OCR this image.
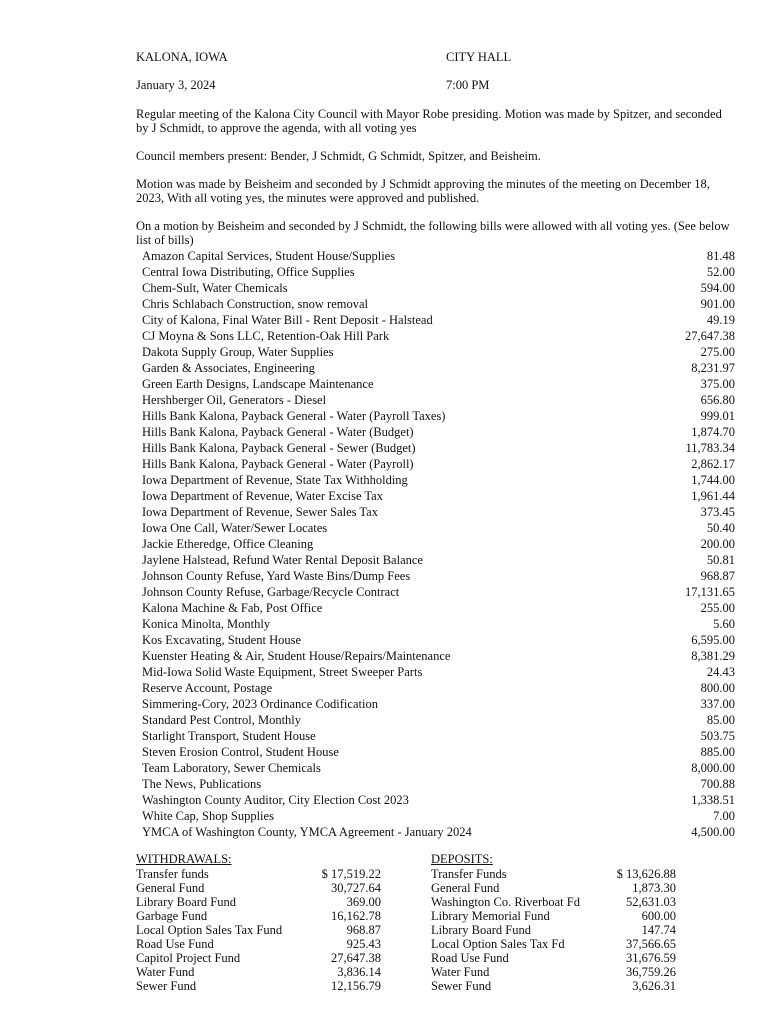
KALONA, IOWA	CITY HALL
January 3, 2024	7:00 PM
Regular meeting of the Kalona City Council with Mayor Robe presiding. Motion was made by Spitzer, and seconded by J Schmidt, to approve the agenda, with all voting yes
Council members present: Bender, J Schmidt, G Schmidt, Spitzer, and Beisheim.
Motion was made by Beisheim and seconded by J Schmidt approving the minutes of the meeting on December 18, 2023, With all voting yes, the minutes were approved and published.
On a motion by Beisheim and seconded by J Schmidt, the following bills were allowed with all voting yes. (See below list of bills)
Amazon Capital Services, Student House/Supplies	81.48
Central Iowa Distributing, Office Supplies	52.00
Chem-Sult, Water Chemicals	594.00
Chris Schlabach Construction, snow removal	901.00
City of Kalona, Final Water Bill - Rent Deposit - Halstead	49.19
CJ Moyna & Sons LLC, Retention-Oak Hill Park	27,647.38
Dakota Supply Group, Water Supplies	275.00
Garden & Associates, Engineering	8,231.97
Green Earth Designs, Landscape Maintenance	375.00
Hershberger Oil, Generators - Diesel	656.80
Hills Bank Kalona, Payback General - Water (Payroll Taxes)	999.01
Hills Bank Kalona, Payback General - Water (Budget)	1,874.70
Hills Bank Kalona, Payback General - Sewer (Budget)	11,783.34
Hills Bank Kalona, Payback General - Water (Payroll)	2,862.17
Iowa Department of Revenue, State Tax Withholding	1,744.00
Iowa Department of Revenue, Water Excise Tax	1,961.44
Iowa Department of Revenue, Sewer Sales Tax	373.45
Iowa One Call, Water/Sewer Locates	50.40
Jackie Etheredge, Office Cleaning	200.00
Jaylene Halstead, Refund Water Rental Deposit Balance	50.81
Johnson County Refuse, Yard Waste Bins/Dump Fees	968.87
Johnson County Refuse, Garbage/Recycle Contract	17,131.65
Kalona Machine & Fab, Post Office	255.00
Konica Minolta, Monthly	5.60
Kos Excavating, Student House	6,595.00
Kuenster Heating & Air, Student House/Repairs/Maintenance	8,381.29
Mid-Iowa Solid Waste Equipment, Street Sweeper Parts	24.43
Reserve Account, Postage	800.00
Simmering-Cory, 2023 Ordinance Codification	337.00
Standard Pest Control, Monthly	85.00
Starlight Transport, Student House	503.75
Steven Erosion Control, Student House	885.00
Team Laboratory, Sewer Chemicals	8,000.00
The News, Publications	700.88
Washington County Auditor, City Election Cost 2023	1,338.51
White Cap, Shop Supplies	7.00
YMCA of Washington County, YMCA Agreement - January 2024	4,500.00
WITHDRAWALS:
Transfer funds	$ 17,519.22
General Fund	30,727.64
Library Board Fund	369.00
Garbage Fund	16,162.78
Local Option Sales Tax Fund	968.87
Road Use Fund	925.43
Capitol Project Fund	27,647.38
Water Fund	3,836.14
Sewer Fund	12,156.79
DEPOSITS:
Transfer Funds	$ 13,626.88
General Fund	1,873.30
Washington Co. Riverboat Fd	52,631.03
Library Memorial Fund	600.00
Library Board Fund	147.74
Local Option Sales Tax Fd	37,566.65
Road Use Fund	31,676.59
Water Fund	36,759.26
Sewer Fund	3,626.31
